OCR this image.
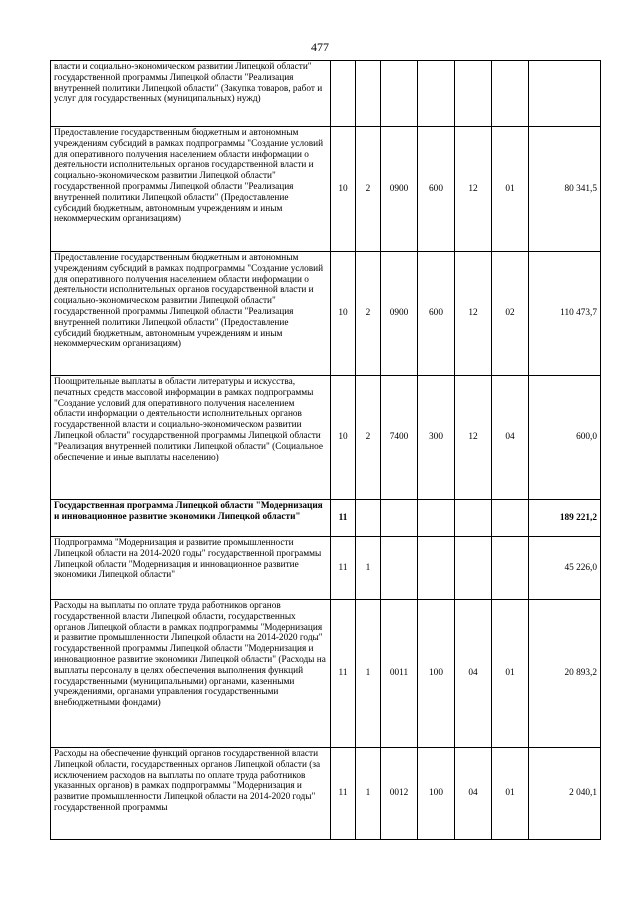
477
власти и социально-экономическом развитии Липецкой области" государственной программы Липецкой области "Реализация внутренней политики Липецкой области" (Закупка товаров, работ и услуг для государственных (муниципальных) нужд)							
Предоставление государственным бюджетным и автономным учреждениям субсидий в рамках подпрограммы "Создание условий для оперативного получения населением области информации о деятельности исполнительных органов государственной власти и социально-экономическом развитии Липецкой области" государственной программы Липецкой области "Реализация внутренней политики Липецкой области" (Предоставление субсидий бюджетным, автономным учреждениям и иным некоммерческим организациям)	10	2	0900	600	12	01	80 341,5
Предоставление государственным бюджетным и автономным учреждениям субсидий в рамках подпрограммы "Создание условий для оперативного получения населением области информации о деятельности исполнительных органов государственной власти и социально-экономическом развитии Липецкой области" государственной программы Липецкой области "Реализация внутренней политики Липецкой области" (Предоставление субсидий бюджетным, автономным учреждениям и иным некоммерческим организациям)	10	2	0900	600	12	02	110 473,7
Поощрительные выплаты в области литературы и искусства, печатных средств массовой информации в рамках подпрограммы "Создание условий для оперативного получения населением области информации о деятельности исполнительных органов государственной власти и социально-экономическом развитии Липецкой области" государственной программы Липецкой области "Реализация внутренней политики Липецкой области" (Социальное обеспечение и иные выплаты населению)	10	2	7400	300	12	04	600,0
Государственная программа Липецкой области "Модернизация и инновационное развитие экономики Липецкой области"	11						189 221,2
Подпрограмма "Модернизация и развитие промышленности Липецкой области на 2014-2020 годы" государственной программы Липецкой области "Модернизация и инновационное развитие экономики Липецкой области"	11	1					45 226,0
Расходы на выплаты по оплате труда работников органов государственной власти Липецкой области, государственных органов Липецкой области в рамках подпрограммы "Модернизация и развитие промышленности Липецкой области на 2014-2020 годы" государственной программы Липецкой области "Модернизация и инновационное развитие экономики Липецкой области" (Расходы на выплаты персоналу в целях обеспечения выполнения функций государственными (муниципальными) органами, казенными учреждениями, органами управления государственными внебюджетными фондами)	11	1	0011	100	04	01	20 893,2
Расходы на обеспечение функций органов государственной власти Липецкой области, государственных органов Липецкой области (за исключением расходов на выплаты по оплате труда работников указанных органов) в рамках подпрограммы "Модернизация и развитие промышленности Липецкой области на 2014-2020 годы" государственной программы	11	1	0012	100	04	01	2 040,1
